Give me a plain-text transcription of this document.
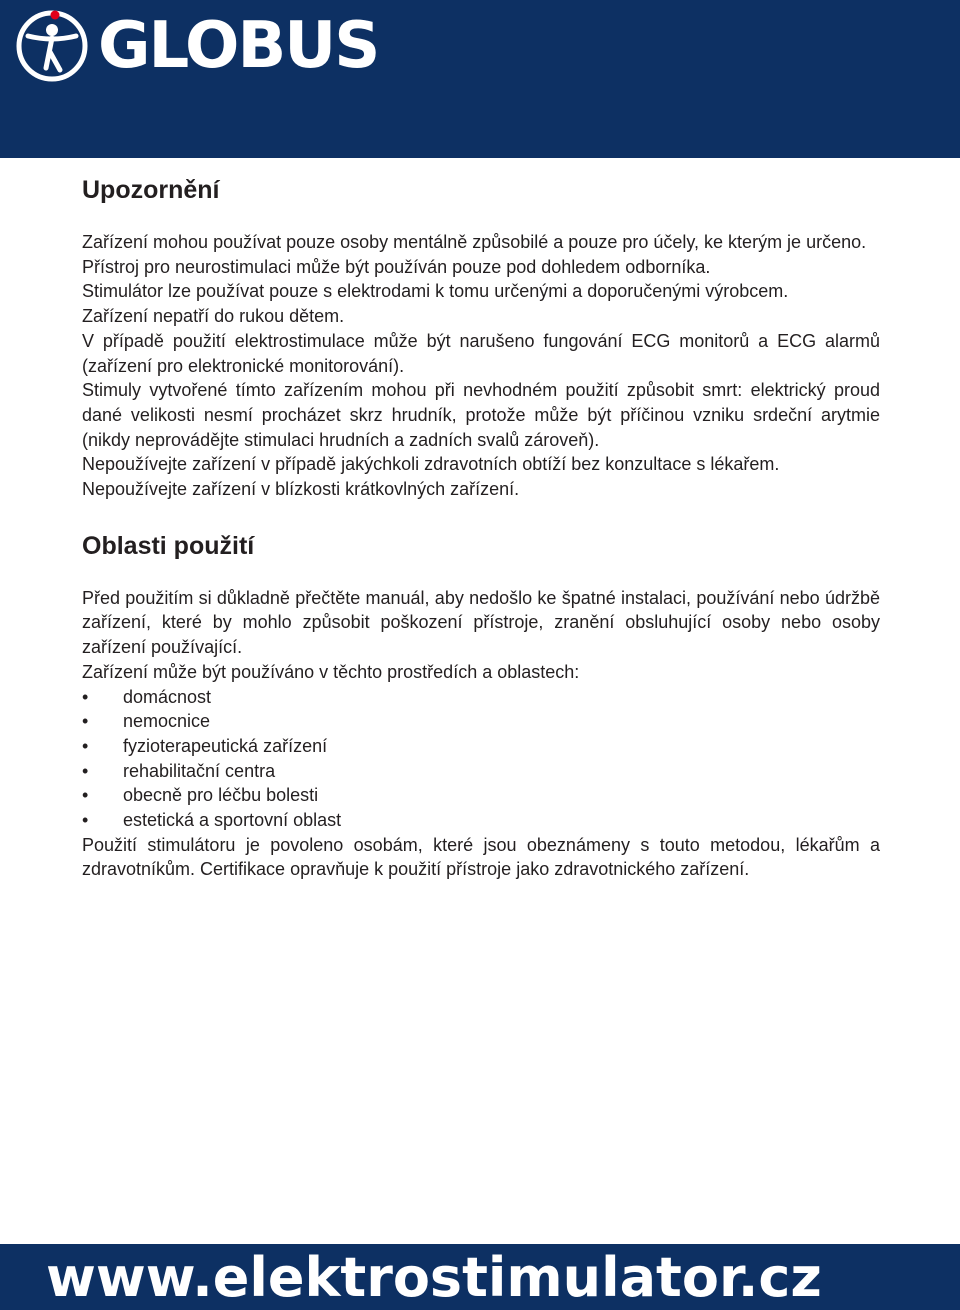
GLOBUS
Upozornění

Zařízení mohou používat pouze osoby mentálně způsobilé a pouze pro účely, ke kterým je určeno.

Přístroj pro neurostimulaci může být používán pouze pod dohledem odborníka.

Stimulátor lze používat pouze s elektrodami k tomu určenými a doporučenými výrobcem.

Zařízení nepatří do rukou dětem.

V případě použití elektrostimulace může být narušeno fungování ECG monitorů a ECG alarmů (zařízení pro elektronické monitorování).

Stimuly vytvořené tímto zařízením mohou při nevhodném použití způsobit smrt: elektrický proud dané velikosti nesmí procházet skrz hrudník, protože může být příčinou vzniku srdeční arytmie (nikdy neprovádějte stimulaci hrudních a zadních svalů zároveň).

Nepoužívejte zařízení v případě jakýchkoli zdravotních obtíží bez konzultace s lékařem.

Nepoužívejte zařízení v blízkosti krátkovlných zařízení.

Oblasti použití

Před použitím si důkladně přečtěte manuál, aby nedošlo ke špatné instalaci, používání nebo údržbě zařízení, které by mohlo způsobit poškození přístroje, zranění obsluhující osoby nebo osoby zařízení používající.

Zařízení může být používáno v těchto prostředích a oblastech:

• domácnost
• nemocnice
• fyzioterapeutická zařízení
• rehabilitační centra
• obecně pro léčbu bolesti
• estetická a sportovní oblast

Použití stimulátoru je povoleno osobám, které jsou obeznámeny s touto metodou, lékařům a zdravotníkům. Certifikace opravňuje k použití přístroje jako zdravotnického zařízení.

www.elektrostimulator.cz
